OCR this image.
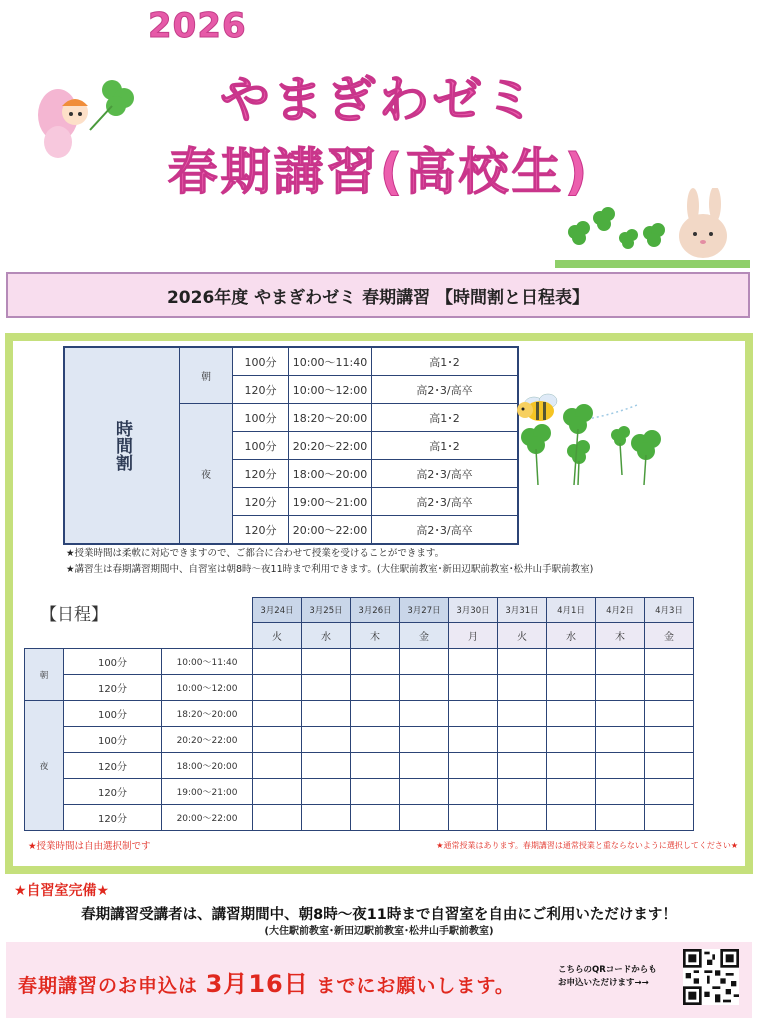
2026
やまぎわゼミ
春期講習(高校生)
2026年度 やまぎわゼミ 春期講習 【時間割と日程表】
時間割	朝	100分	10:00～11:40	高1･2
		120分	10:00～12:00	高2･3/高卒
	夜	100分	18:20～20:00	高1･2
		100分	20:20～22:00	高1･2
		120分	18:00～20:00	高2･3/高卒
		120分	19:00～21:00	高2･3/高卒
		120分	20:00～22:00	高2･3/高卒
★授業時間は柔軟に対応できますので、ご都合に合わせて授業を受けることができます。
★講習生は春期講習期間中、自習室は朝8時～夜11時まで利用できます。(大住駅前教室･新田辺駅前教室･松井山手駅前教室)
【日程】
			3月24日	3月25日	3月26日	3月27日	3月30日	3月31日	4月1日	4月2日	4月3日
			火	水	木	金	月	火	水	木	金
朝	100分	10:00～11:40									
	120分	10:00～12:00									
夜	100分	18:20～20:00									
	100分	20:20～22:00									
	120分	18:00～20:00									
	120分	19:00～21:00									
	120分	20:00～22:00									
★授業時間は自由選択制です	★通常授業はあります。春期講習は通常授業と重ならないように選択してください★
★自習室完備★
春期講習受講者は、講習期間中、朝8時～夜11時まで自習室を自由にご利用いただけます！
(大住駅前教室･新田辺駅前教室･松井山手駅前教室)
春期講習のお申込は 3月16日 までにお願いします。
こちらのQRコードからも
お申込いただけます→→
